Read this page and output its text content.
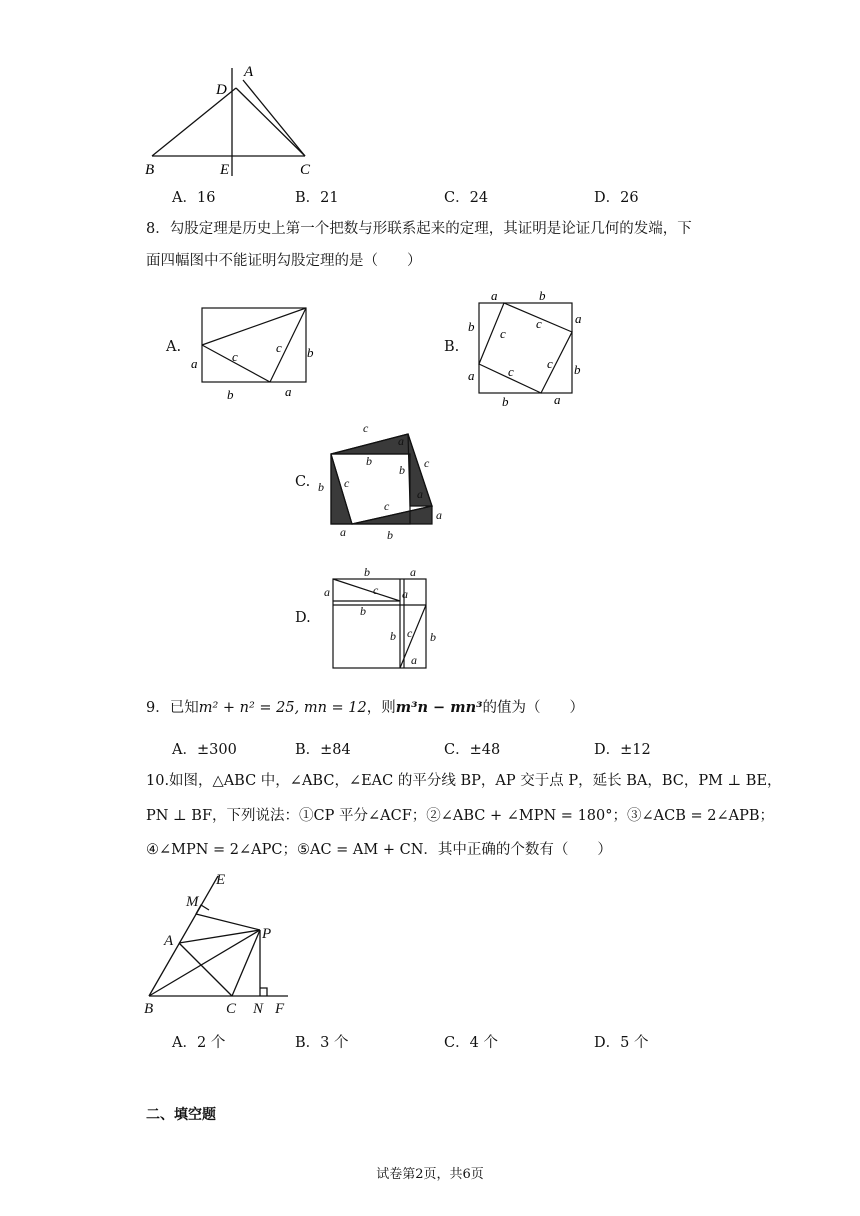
A
D
B	E	C
A．16	B．21	C．24	D．26
8．勾股定理是历史上第一个把数与形联系起来的定理，其证明是论证几何的发端，下
面四幅图中不能证明勾股定理的是（　　）
A.
a	c
c b
b	a
B.
a	b
b c
c	a
a	c
c b
b	a
C.
c
a
b
b c
b c
a
c
a
a	b
D.
b	a
a	c a
b
b c b
a
9．已知m² + n² = 25, mn = 12，则m³n − mn³的值为（　　）
A．±300	B．±84	C．±48	D．±12
10.如图，△ABC 中，∠ABC，∠EAC 的平分线 BP，AP 交于点 P，延长 BA，BC，PM ⊥ BE，
PN ⊥ BF，下列说法：①CP 平分∠ACF；②∠ABC + ∠MPN = 180°；③∠ACB = 2∠APB；
④∠MPN = 2∠APC；⑤AC = AM + CN．其中正确的个数有（　　）
E
M
A	P
B	C N F
A．2 个	B．3 个	C．4 个	D．5 个
二、填空题
试卷第2页，共6页
